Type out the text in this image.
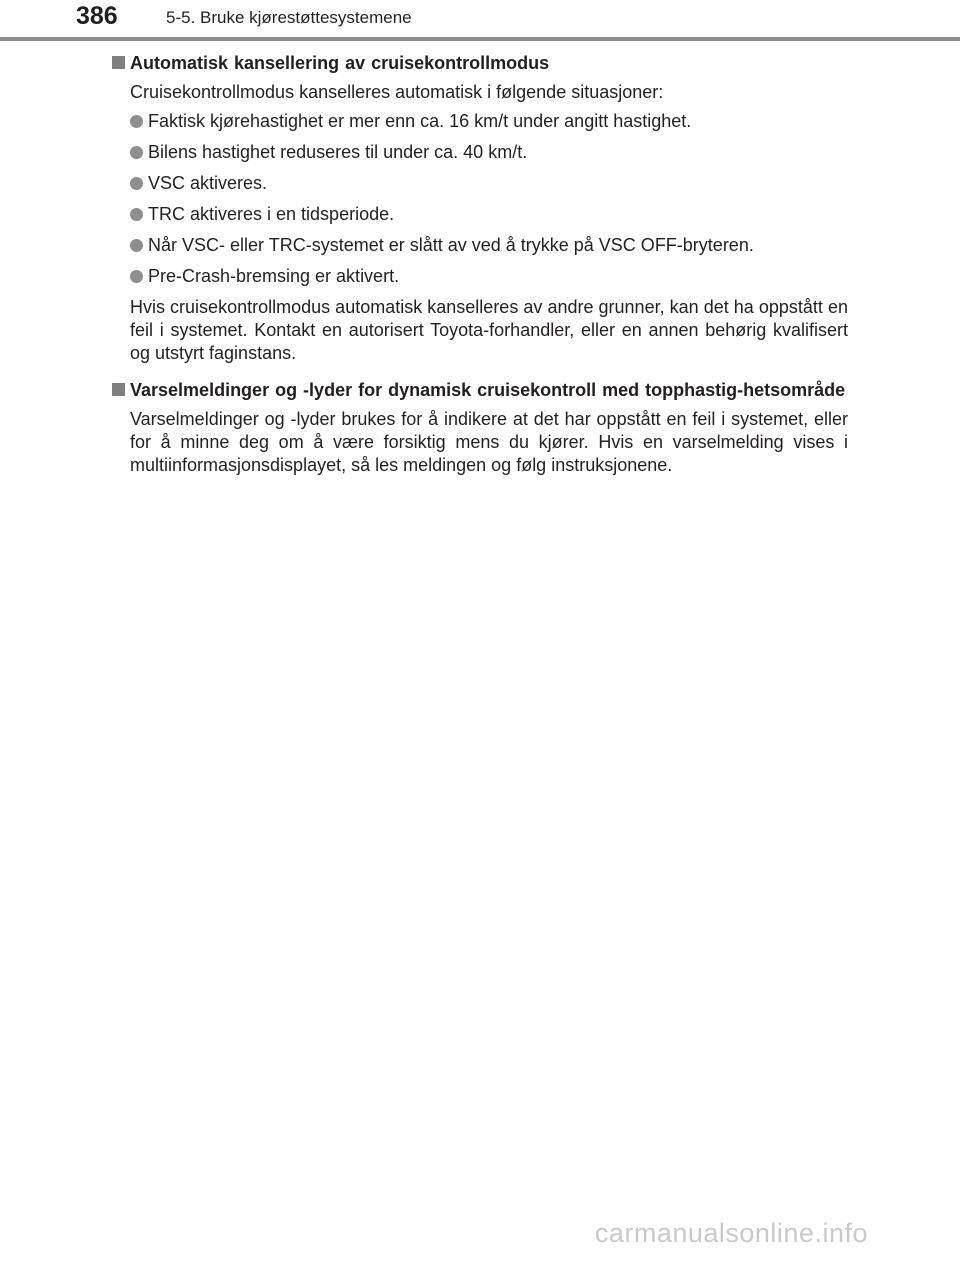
386	5-5. Bruke kjørestøttesystemene
Automatisk kansellering av cruisekontrollmodus
Cruisekontrollmodus kanselleres automatisk i følgende situasjoner:
Faktisk kjørehastighet er mer enn ca. 16 km/t under angitt hastighet.
Bilens hastighet reduseres til under ca. 40 km/t.
VSC aktiveres.
TRC aktiveres i en tidsperiode.
Når VSC- eller TRC-systemet er slått av ved å trykke på VSC OFF-bryteren.
Pre-Crash-bremsing er aktivert.
Hvis cruisekontrollmodus automatisk kanselleres av andre grunner, kan det ha oppstått en feil i systemet. Kontakt en autorisert Toyota-forhandler, eller en annen behørig kvalifisert og utstyrt faginstans.
Varselmeldinger og -lyder for dynamisk cruisekontroll med topphastig-hetsområde
Varselmeldinger og -lyder brukes for å indikere at det har oppstått en feil i systemet, eller for å minne deg om å være forsiktig mens du kjører. Hvis en varselmelding vises i multiinformasjonsdisplayet, så les meldingen og følg instruksjonene.
carmanualsonline.info
